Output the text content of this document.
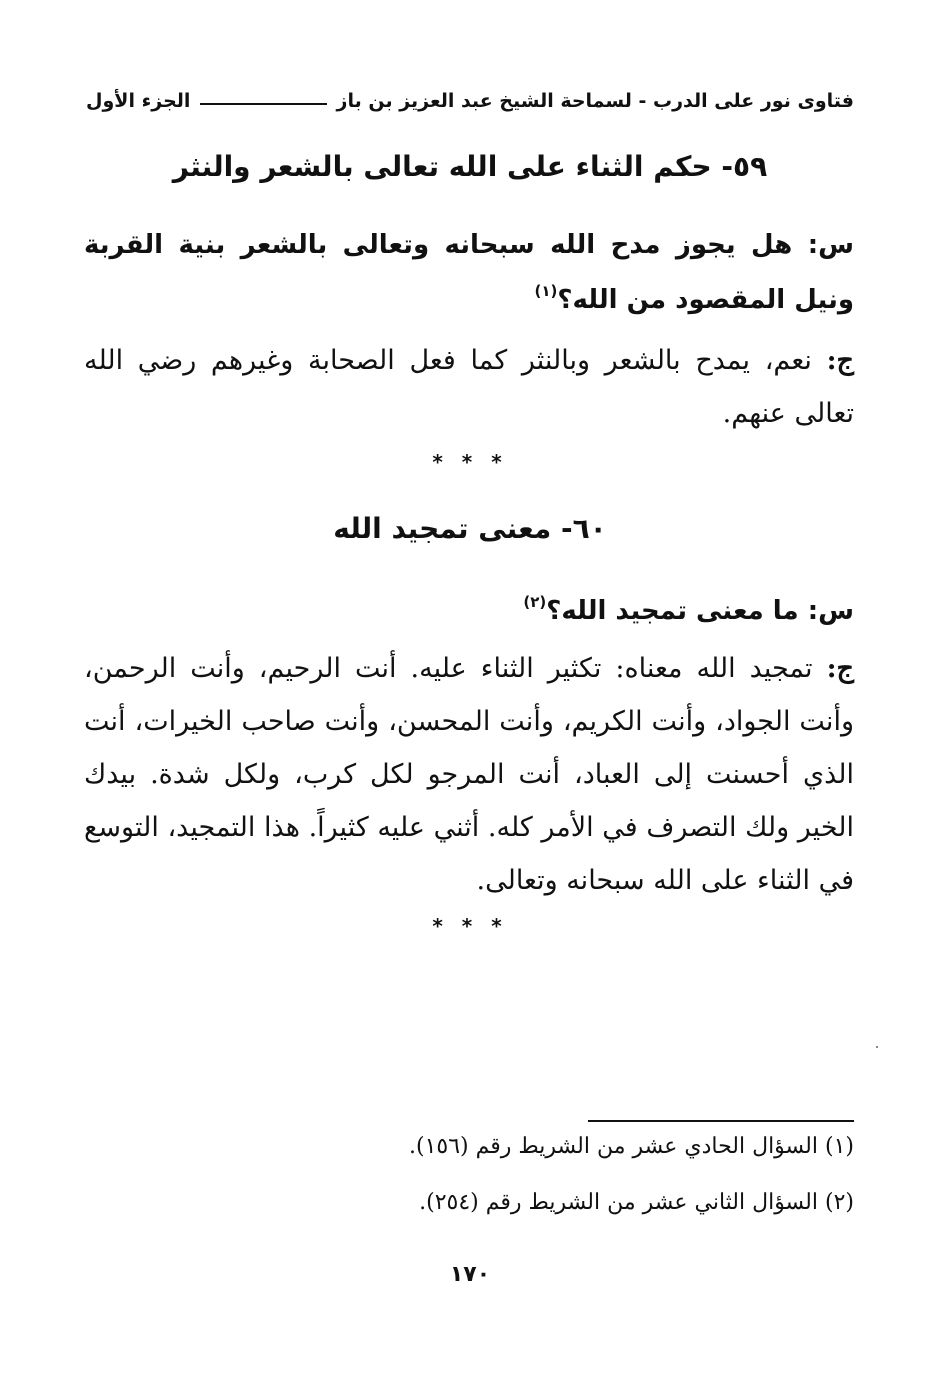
فتاوى نور على الدرب - لسماحة الشيخ عبد العزيز بن باز
الجزء الأول
٥٩- حكم الثناء على الله تعالى بالشعر والنثر
س: هل يجوز مدح الله سبحانه وتعالى بالشعر بنية القربة ونيل المقصود من الله؟$^{(١)}$
ج: نعم، يمدح بالشعر وبالنثر كما فعل الصحابة وغيرهم رضي الله تعالى عنهم.
* * *
٦٠- معنى تمجيد الله
س: ما معنى تمجيد الله؟$^{(٢)}$
ج: تمجيد الله معناه: تكثير الثناء عليه. أنت الرحيم، وأنت الرحمن، وأنت الجواد، وأنت الكريم، وأنت المحسن، وأنت صاحب الخيرات، أنت الذي أحسنت إلى العباد، أنت المرجو لكل كرب، ولكل شدة. بيدك الخير ولك التصرف في الأمر كله. أثني عليه كثيراً. هذا التمجيد، التوسع في الثناء على الله سبحانه وتعالى.
* * *
(١) السؤال الحادي عشر من الشريط رقم (١٥٦).
(٢) السؤال الثاني عشر من الشريط رقم (٢٥٤).
١٧٠
